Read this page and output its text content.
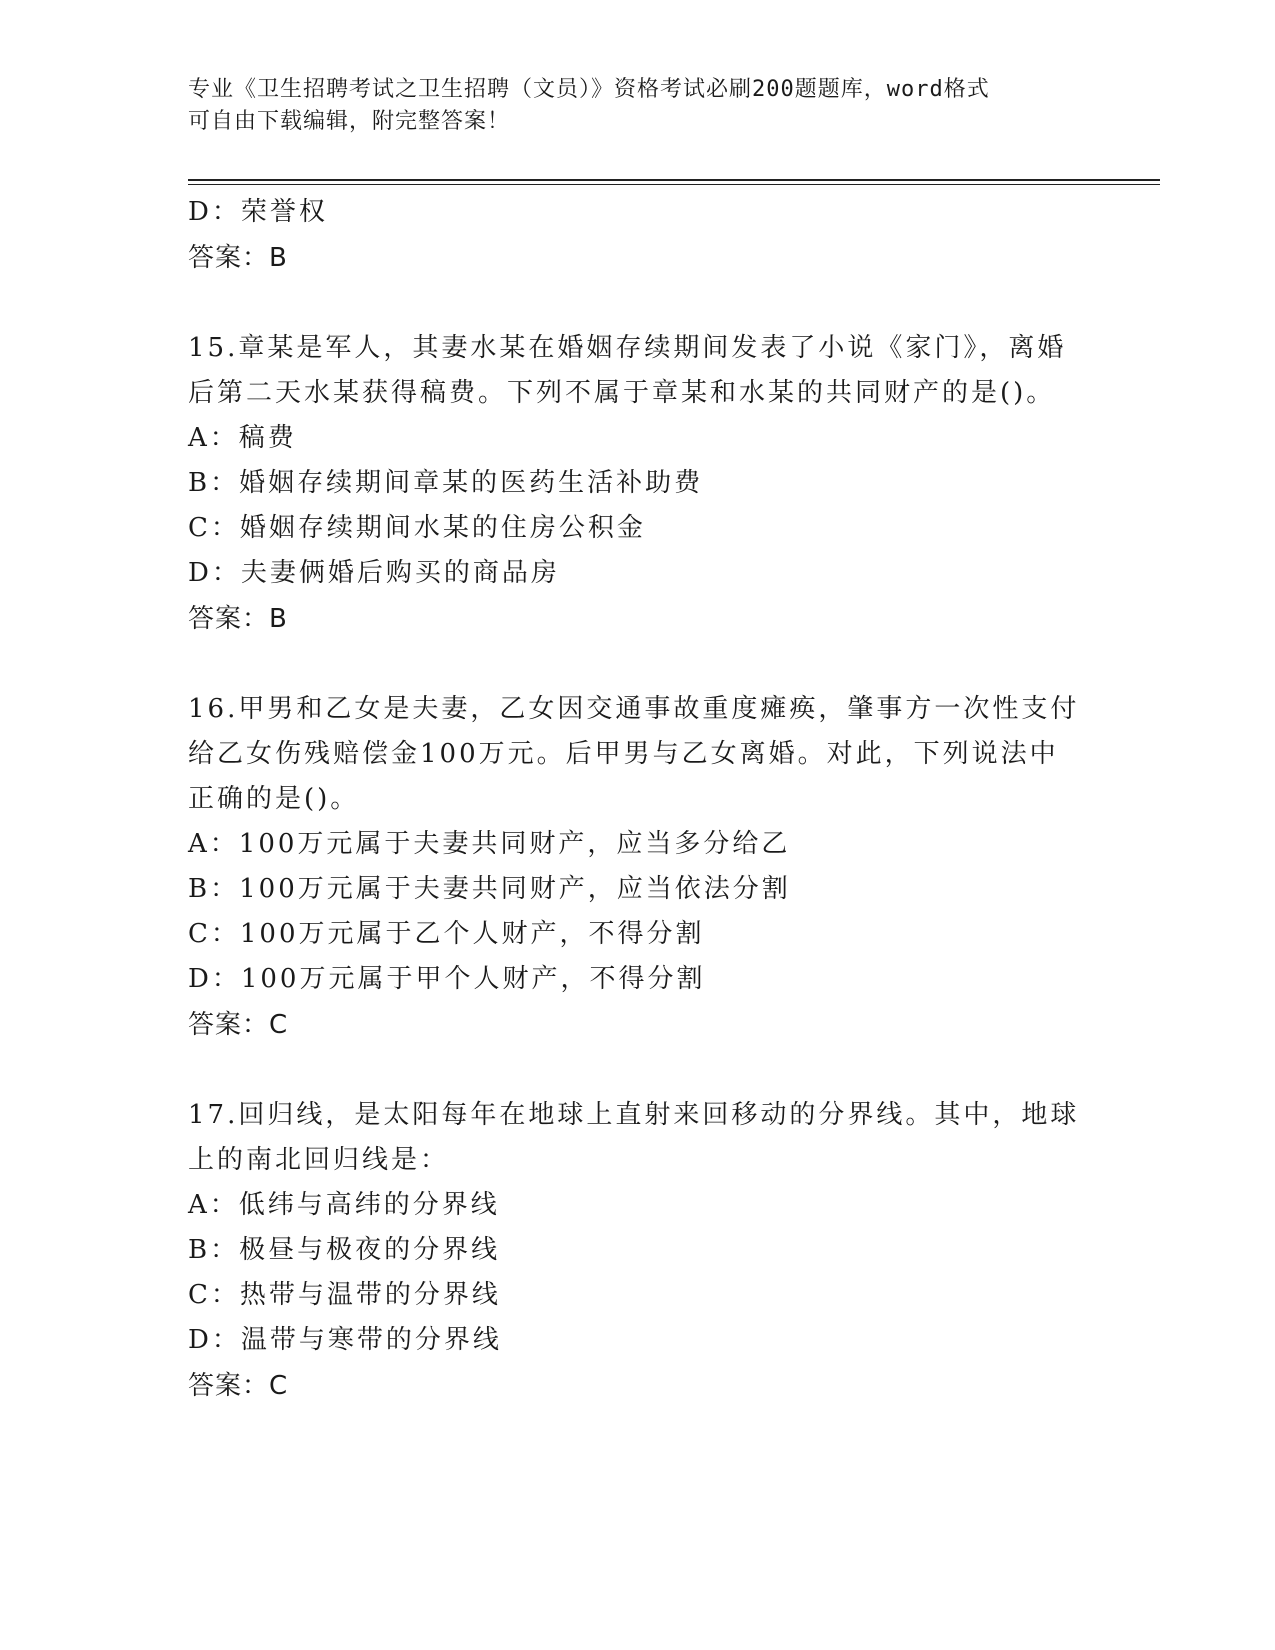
专业《卫生招聘考试之卫生招聘（文员）》资格考试必刷200题题库，word格式
可自由下载编辑，附完整答案！
D：荣誉权
答案：B
15.章某是军人，其妻水某在婚姻存续期间发表了小说《家门》，离婚
后第二天水某获得稿费。下列不属于章某和水某的共同财产的是()。
A：稿费
B：婚姻存续期间章某的医药生活补助费
C：婚姻存续期间水某的住房公积金
D：夫妻俩婚后购买的商品房
答案：B
16.甲男和乙女是夫妻，乙女因交通事故重度瘫痪，肇事方一次性支付
给乙女伤残赔偿金100万元。后甲男与乙女离婚。对此，下列说法中
正确的是()。
A：100万元属于夫妻共同财产，应当多分给乙
B：100万元属于夫妻共同财产，应当依法分割
C：100万元属于乙个人财产，不得分割
D：100万元属于甲个人财产，不得分割
答案：C
17.回归线，是太阳每年在地球上直射来回移动的分界线。其中，地球
上的南北回归线是：
A：低纬与高纬的分界线
B：极昼与极夜的分界线
C：热带与温带的分界线
D：温带与寒带的分界线
答案：C
